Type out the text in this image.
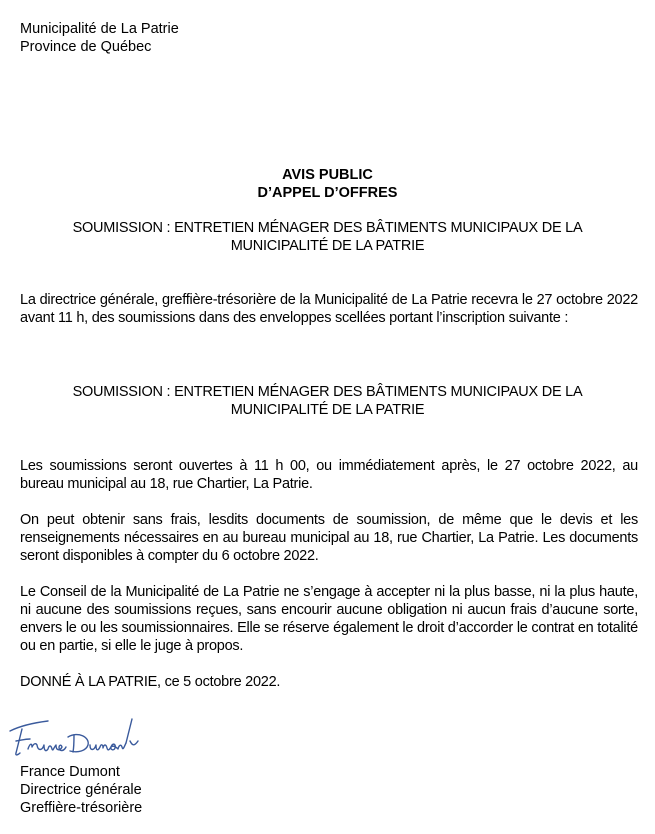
Municipalité de La Patrie
Province de Québec
AVIS PUBLIC
D’APPEL D’OFFRES
SOUMISSION : ENTRETIEN MÉNAGER DES BÂTIMENTS MUNICIPAUX DE LA
MUNICIPALITÉ DE LA PATRIE
La directrice générale, greffière-trésorière de la Municipalité de La Patrie recevra le 27 octobre 2022 avant 11 h, des soumissions dans des enveloppes scellées portant l’inscription suivante :
SOUMISSION : ENTRETIEN MÉNAGER DES BÂTIMENTS MUNICIPAUX DE LA
MUNICIPALITÉ DE LA PATRIE
Les soumissions seront ouvertes à 11 h 00, ou immédiatement après, le 27 octobre 2022, au bureau municipal au 18, rue Chartier, La Patrie.
On peut obtenir sans frais, lesdits documents de soumission, de même que le devis et les renseignements nécessaires en au bureau municipal au 18, rue Chartier, La Patrie. Les documents seront disponibles à compter du 6 octobre 2022.
Le Conseil de la Municipalité de La Patrie ne s’engage à accepter ni la plus basse, ni la plus haute, ni aucune des soumissions reçues, sans encourir aucune obligation ni aucun frais d’aucune sorte, envers le ou les soumissionnaires. Elle se réserve également le droit d’accorder le contrat en totalité ou en partie, si elle le juge à propos.
DONNÉ À LA PATRIE, ce 5 octobre 2022.
France Dumont
Directrice générale
Greffière-trésorière
